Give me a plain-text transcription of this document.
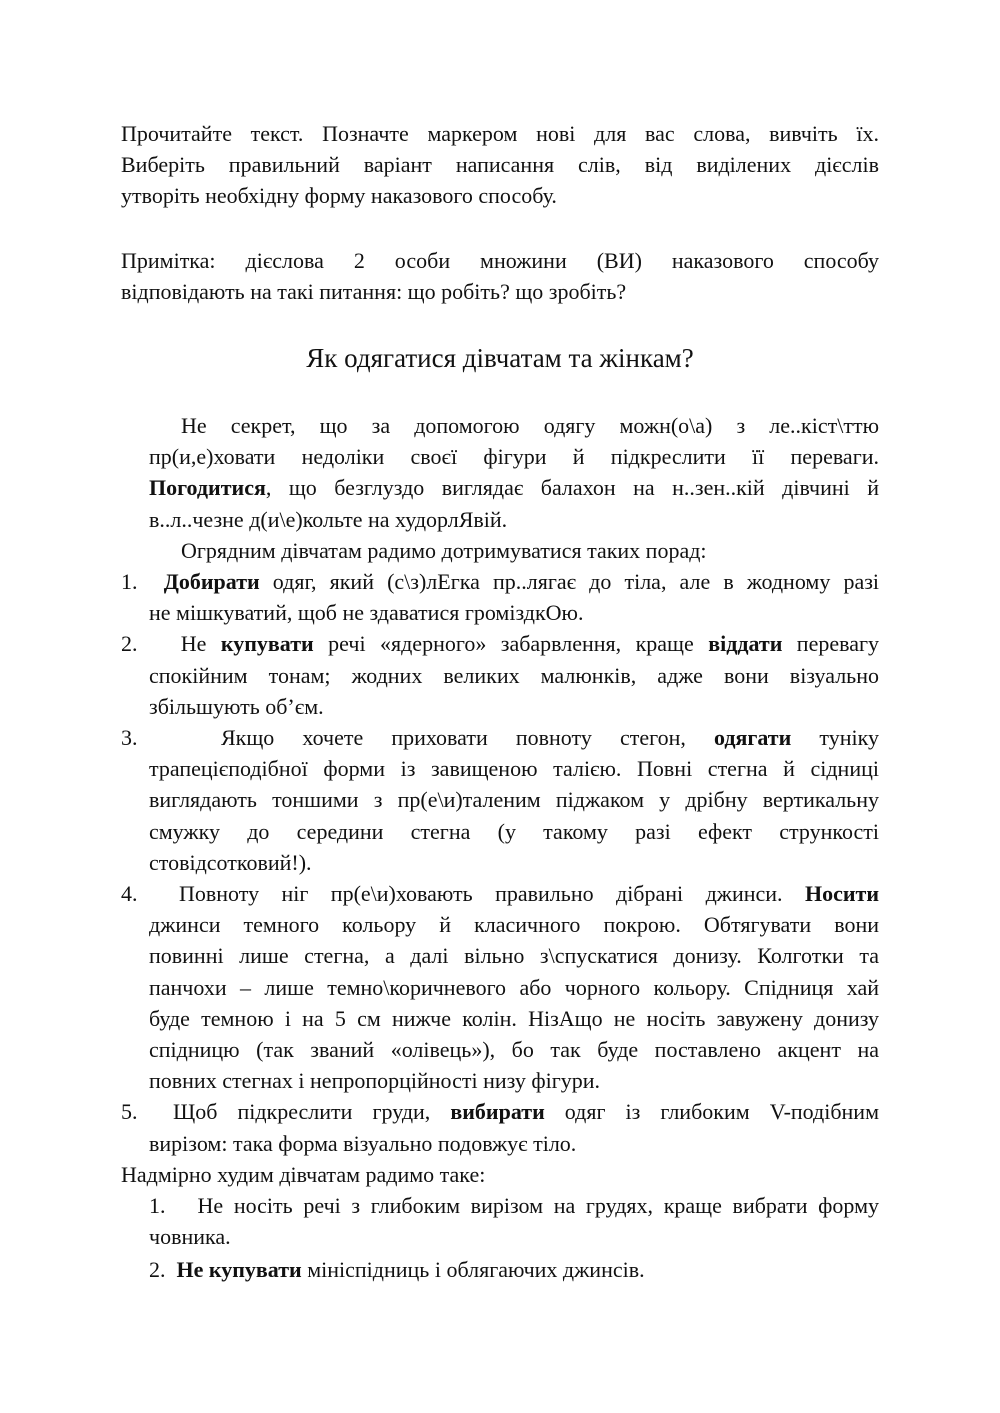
Прочитайте текст. Позначте маркером нові для вас слова, вивчіть їх.
Виберіть правильний варіант написання слів, від виділених дієслів
утворіть необхідну форму наказового способу.
Примітка: дієслова 2 особи множини (ВИ) наказового способу
відповідають на такі питання: що робіть? що зробіть?
Як одягатися дівчатам та жінкам?
Не секрет, що за допомогою одягу можн(о\а) з ле..кіст\ттю
пр(и,е)ховати недоліки своєї фігури й підкреслити її переваги.
Погодитися, що безглуздо виглядає балахон на н..зен..кій дівчині й
в..л..чезне д(и\е)кольте на худорлЯвій.
Огрядним дівчатам радимо дотримуватися таких порад:
1. Добирати одяг, який (с\з)лЕгка пр..лягає до тіла, але в жодному разі
не мішкуватий, щоб не здаватися громіздкОю.
2. Не купувати речі «ядерного» забарвлення, краще віддати перевагу
спокійним тонам; жодних великих малюнків, адже вони візуально
збільшують об’єм.
3.	Якщо хочете приховати повноту стегон, одягати туніку
трапецієподібної форми із завищеною талією. Повні стегна й сідниці
виглядають тоншими з пр(е\и)таленим піджаком у дрібну вертикальну
смужку до середини стегна (у такому разі ефект стрункості
стовідсотковий!).
4. Повноту ніг пр(е\и)ховають правильно дібрані джинси. Носити
джинси темного кольору й класичного покрою. Обтягувати вони
повинні лише стегна, а далі вільно з\спускатися донизу. Колготки та
панчохи – лише темно\коричневого або чорного кольору. Спідниця хай
буде темною і на 5 см нижче колін. НізАщо не носіть завужену донизу
спідницю (так званий «олівець»), бо так буде поставлено акцент на
повних стегнах і непропорційності низу фігури.
5. Щоб підкреслити груди, вибирати одяг із глибоким V-подібним
вирізом: така форма візуально подовжує тіло.
Надмірно худим дівчатам радимо таке:
1. Не носіть речі з глибоким вирізом на грудях, краще вибрати форму
човника.
2. Не купувати мініспідниць і облягаючих джинсів.
